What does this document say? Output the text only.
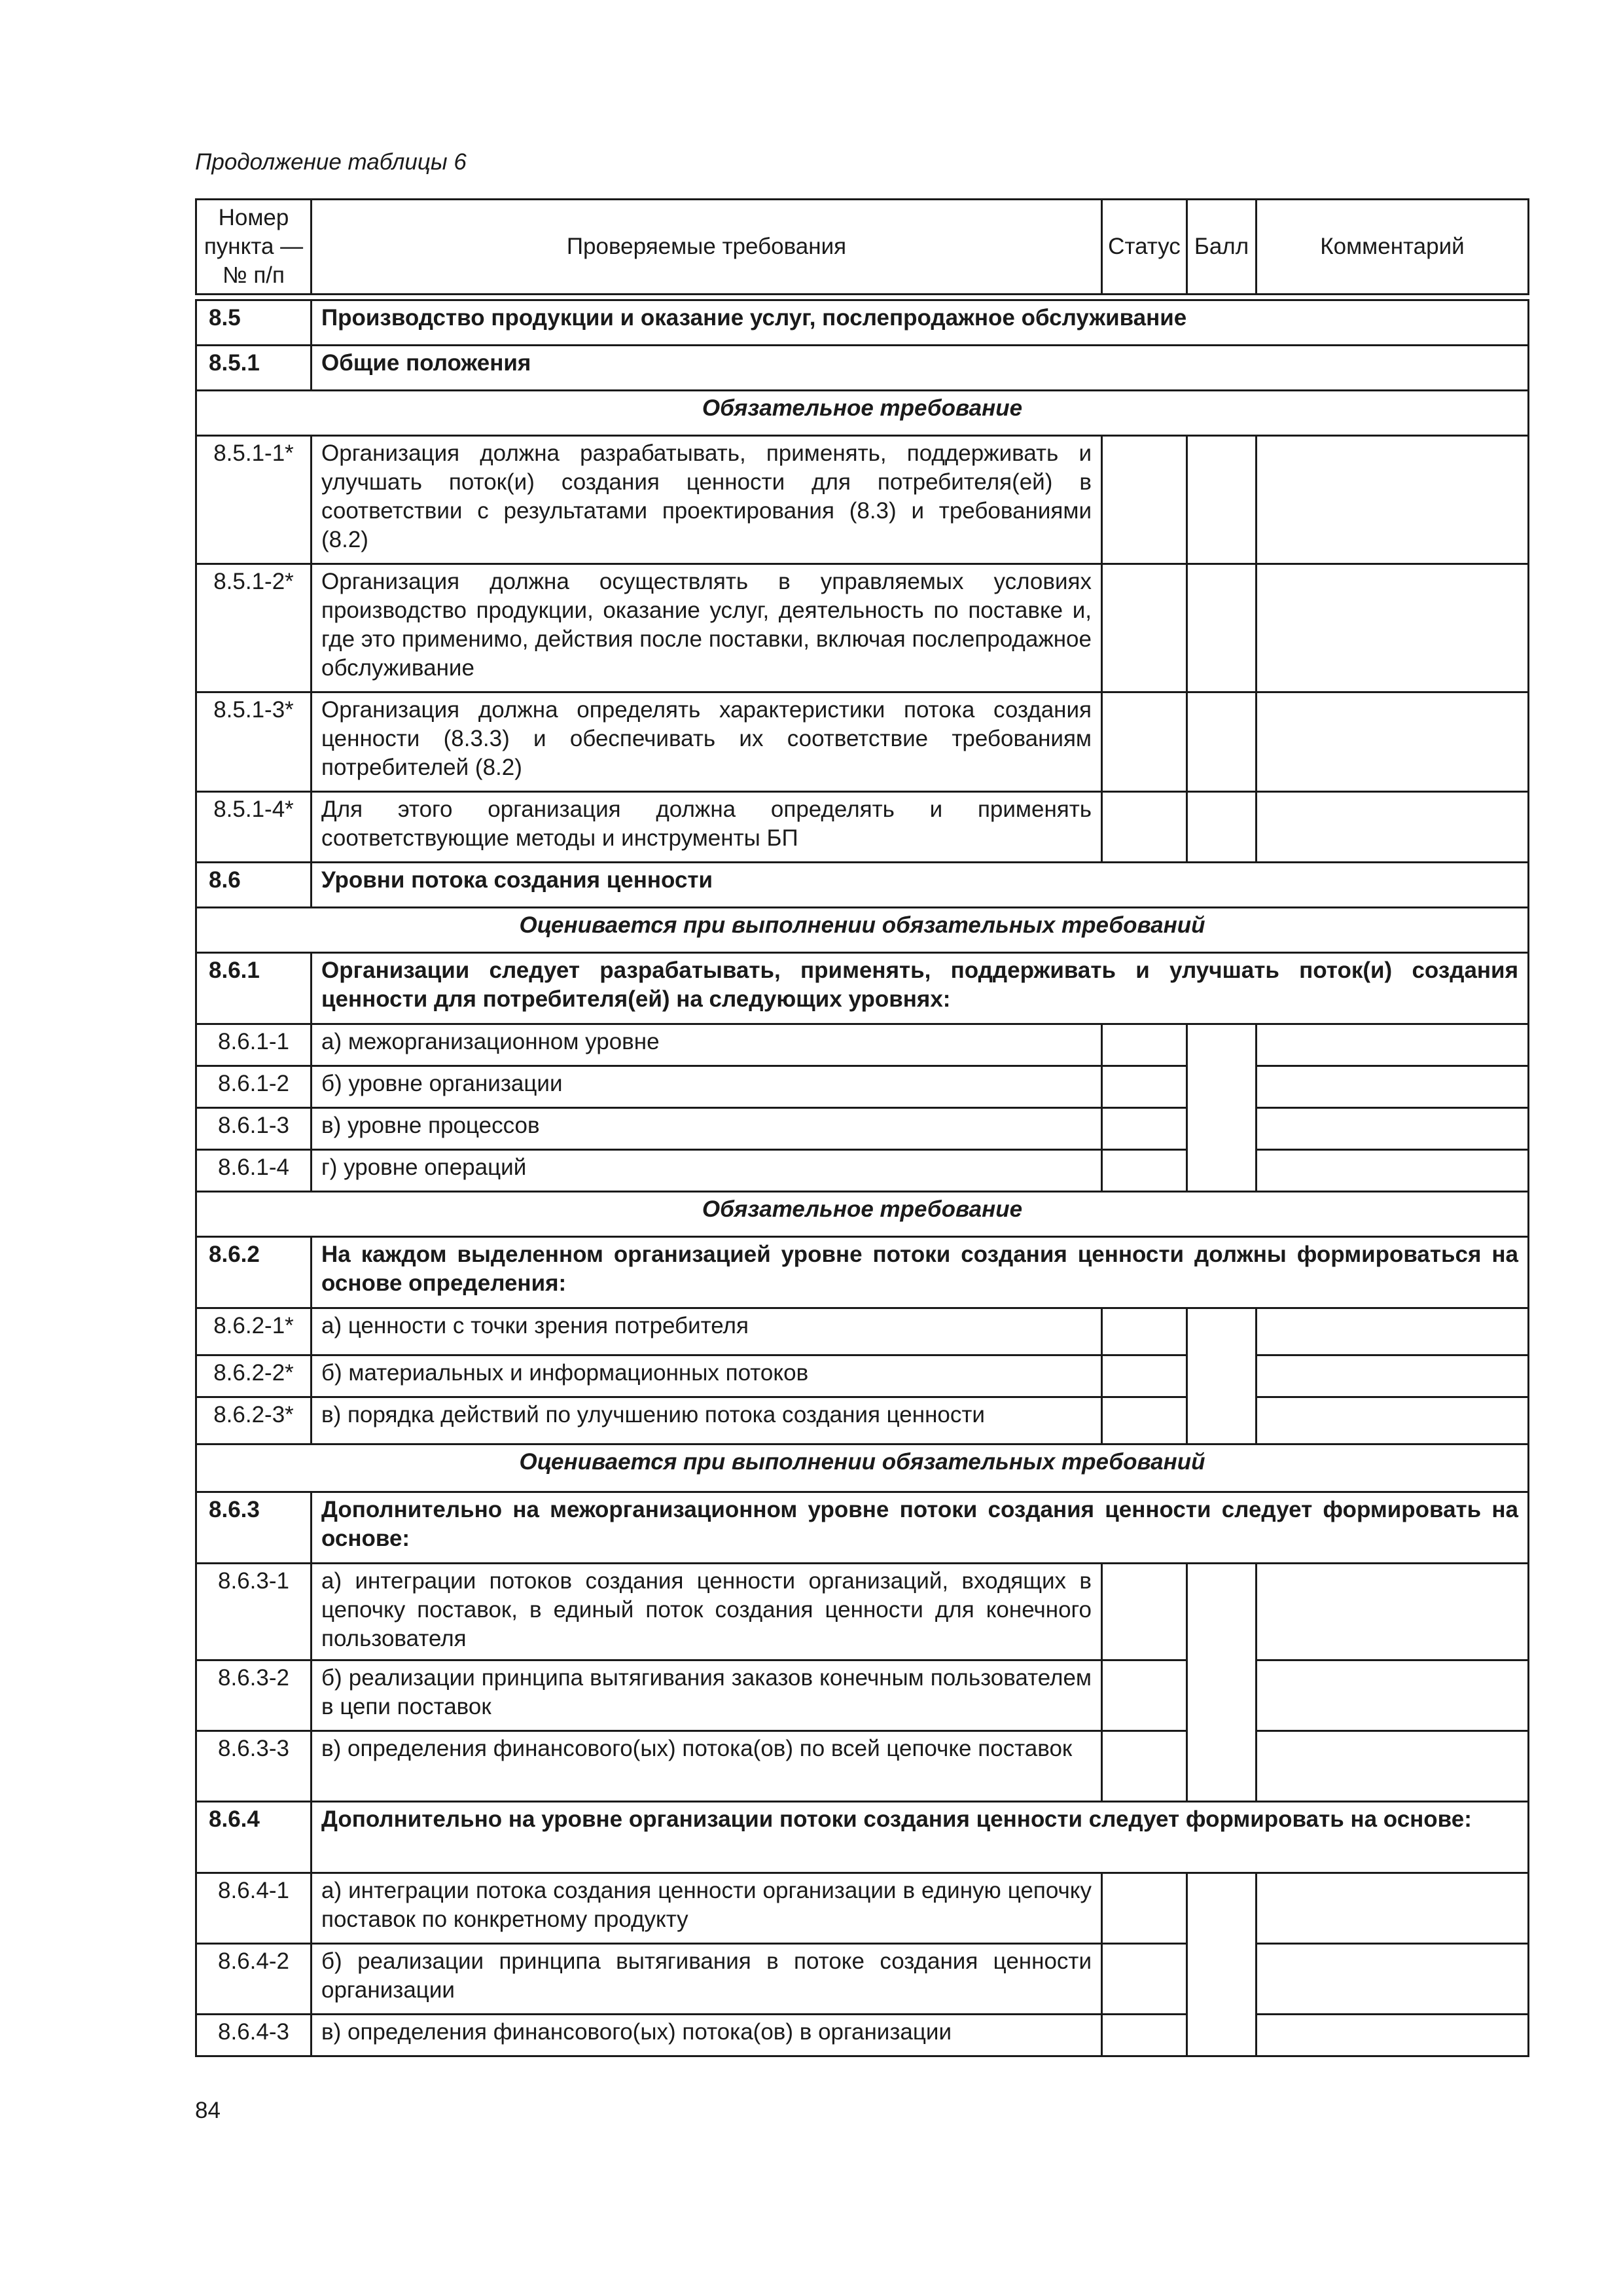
Продолжение таблицы 6
Номер пункта — № п/п	Проверяемые требования	Статус	Балл	Комментарий

8.5	Производство продукции и оказание услуг, послепродажное обслуживание			
8.5.1	Общие положения			
Обязательное требование				
8.5.1-1*	Организация должна разрабатывать, применять, поддерживать и улучшать поток(и) создания ценности для потребителя(ей) в соответствии с результатами проектирования (8.3) и требованиями (8.2)			
8.5.1-2*	Организация должна осуществлять в управляемых условиях производство продукции, оказание услуг, деятельность по поставке и, где это применимо, действия после поставки, включая послепродажное обслуживание			
8.5.1-3*	Организация должна определять характеристики потока создания ценности (8.3.3) и обеспечивать их соответствие требованиям потребителей (8.2)			
8.5.1-4*	Для этого организация должна определять и применять соответствующие методы и инструменты БП			
8.6	Уровни потока создания ценности			
Оценивается при выполнении обязательных требований				
8.6.1	Организации следует разрабатывать, применять, поддерживать и улучшать поток(и) создания ценности для потребителя(ей) на следующих уровнях:			
8.6.1-1	а) межорганизационном уровне			
8.6.1-2	б) уровне организации			
8.6.1-3	в) уровне процессов			
8.6.1-4	г) уровне операций			
Обязательное требование				
8.6.2	На каждом выделенном организацией уровне потоки создания ценности должны формироваться на основе определения:			
8.6.2-1*	а) ценности с точки зрения потребителя			
8.6.2-2*	б) материальных и информационных потоков			
8.6.2-3*	в) порядка действий по улучшению потока создания ценности			
Оценивается при выполнении обязательных требований				
8.6.3	Дополнительно на межорганизационном уровне потоки создания ценности следует формировать на основе:			
8.6.3-1	а) интеграции потоков создания ценности организаций, входящих в цепочку поставок, в единый поток создания ценности для конечного пользователя			
8.6.3-2	б) реализации принципа вытягивания заказов конечным пользователем в цепи поставок			
8.6.3-3	в) определения финансового(ых) потока(ов) по всей цепочке поставок			
8.6.4	Дополнительно на уровне организации потоки создания ценности следует формировать на основе:			
8.6.4-1	а) интеграции потока создания ценности организации в единую цепочку поставок по конкретному продукту			
8.6.4-2	б) реализации принципа вытягивания в потоке создания ценности организации			
8.6.4-3	в) определения финансового(ых) потока(ов) в организации			
84
